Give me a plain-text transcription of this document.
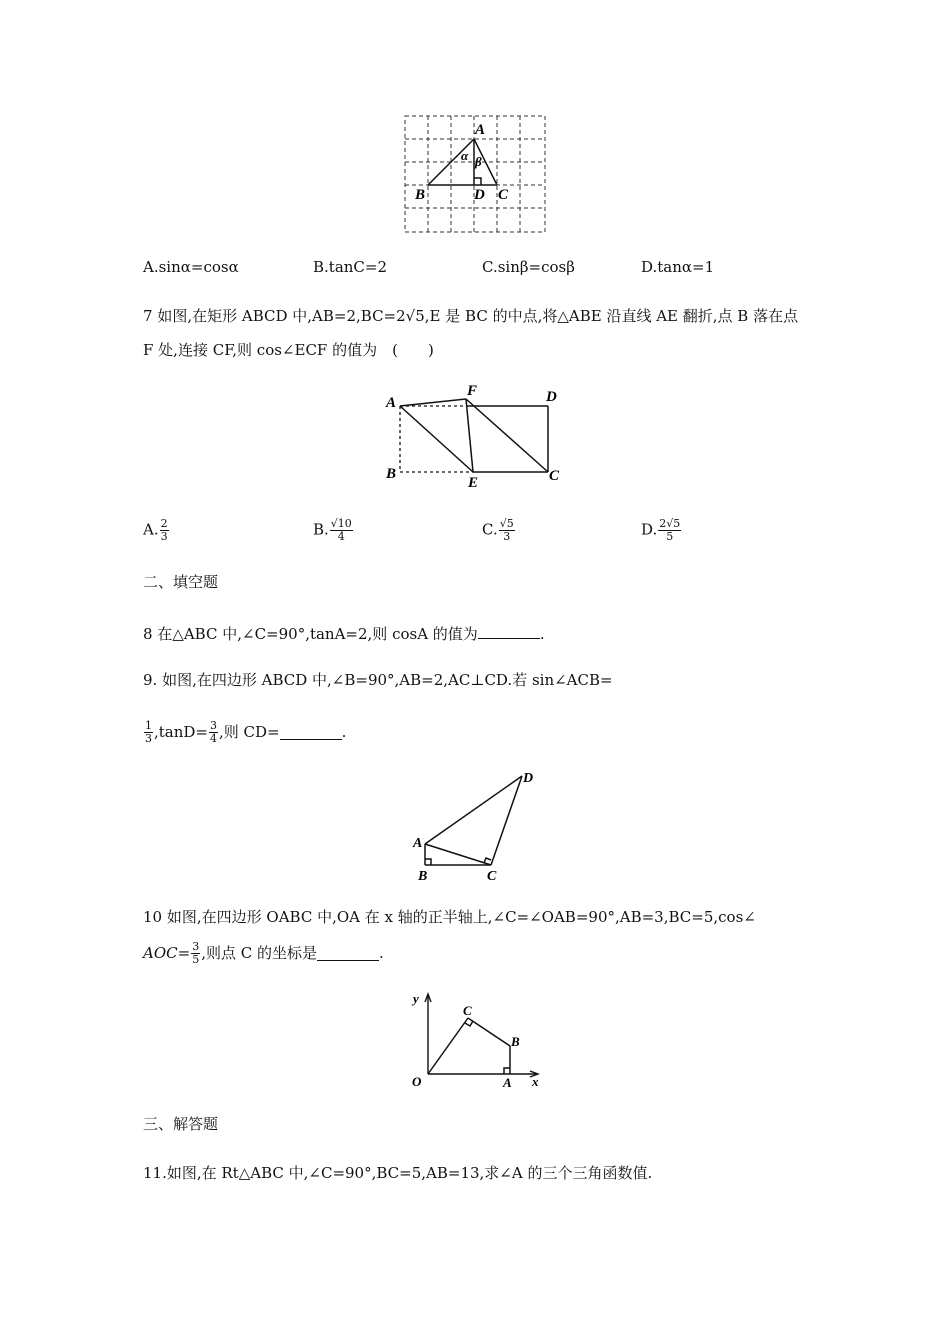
A
B	C
D
α β
A.sinα=cosα	B.tanC=2	C.sinβ=cosβ	D.tanα=1
7 如图,在矩形 ABCD 中,AB=2,BC=2√5,E 是 BC 的中点,将△ABE 沿直线 AE 翻折,点 B 落在点
F 处,连接 CF,则 cos∠ECF 的值为　(　　)
A
F	D
B
E	C
A. $\frac{2}{3}$	B. $\frac{√10}{4}$	C. $\frac{√5}{3}$	D. $\frac{2√5}{5}$
二、填空题
8 在△ABC 中,∠C=90°,tanA=2,则 cosA 的值为	.
9. 如图,在四边形 ABCD 中,∠B=90°,AB=2,AC⊥CD.若 sin∠ACB=
$\frac{1}{3} ,\tan D= \frac{3}{4}$ ,则 CD=	.
D
A
B	C
10 如图,在四边形 OABC 中,OA 在 x 轴的正半轴上,∠C=∠OAB=90°,AB=3,BC=5,cos∠
$AOC= \frac{3}{5}$ ,则点 C 的坐标是	.
y
C
B
O	A x
三、解答题
11.如图,在 Rt△ABC 中,∠C=90°,BC=5,AB=13,求∠A 的三个三角函数值.
